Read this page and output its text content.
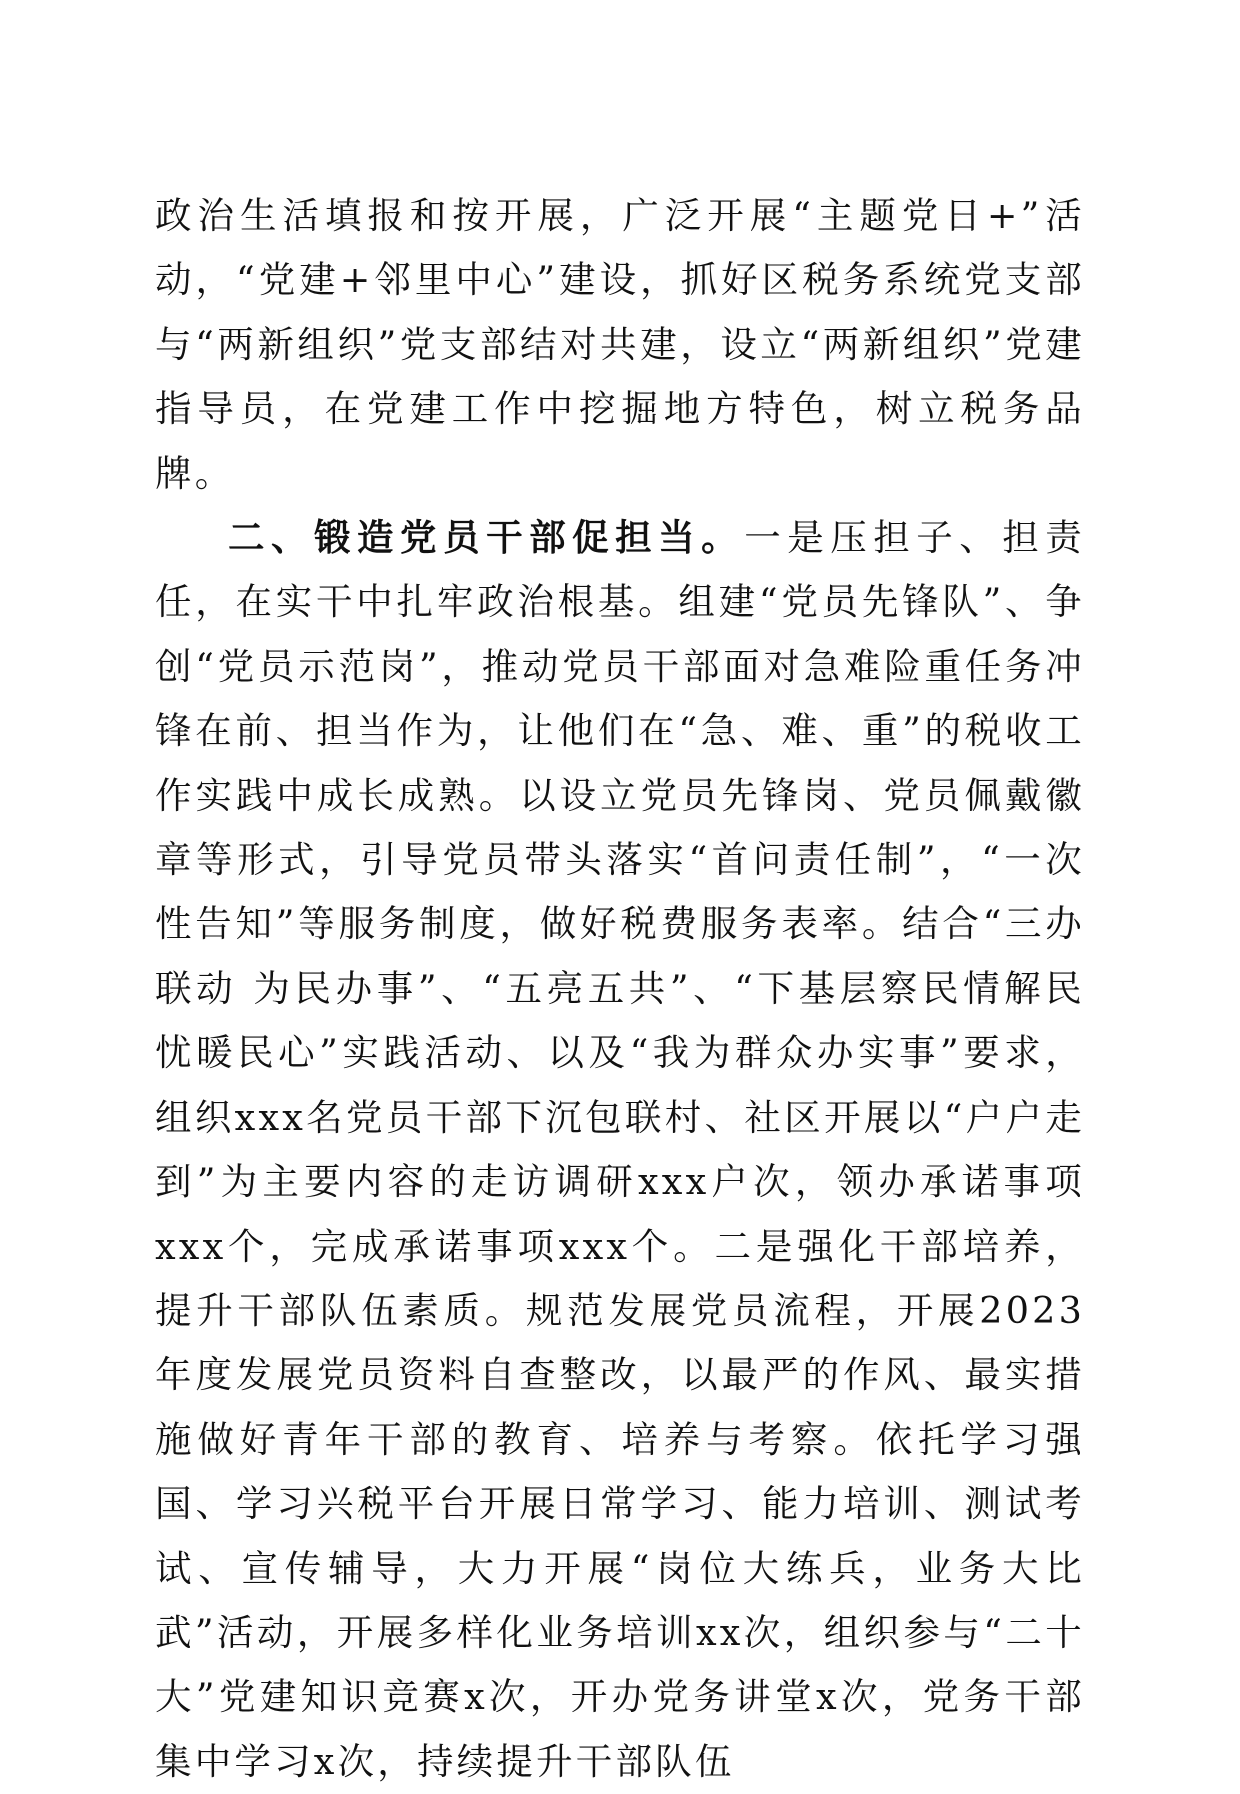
政治生活填报和按开展，广泛开展“主题党日+”活动，“党建+邻里中心”建设，抓好区税务系统党支部与“两新组织”党支部结对共建，设立“两新组织”党建指导员，在党建工作中挖掘地方特色，树立税务品牌。

二、锻造党员干部促担当。一是压担子、担责任，在实干中扎牢政治根基。组建“党员先锋队”、争创“党员示范岗”，推动党员干部面对急难险重任务冲锋在前、担当作为，让他们在“急、难、重”的税收工作实践中成长成熟。以设立党员先锋岗、党员佩戴徽章等形式，引导党员带头落实“首问责任制”，“一次性告知”等服务制度，做好税费服务表率。结合“三办联动 为民办事”、“五亮五共”、“下基层察民情解民忧暖民心”实践活动、以及“我为群众办实事”要求，组织xxx名党员干部下沉包联村、社区开展以“户户走到”为主要内容的走访调研xxx户次，领办承诺事项xxx个，完成承诺事项xxx个。二是强化干部培养，提升干部队伍素质。规范发展党员流程，开展2023年度发展党员资料自查整改，以最严的作风、最实措施做好青年干部的教育、培养与考察。依托学习强国、学习兴税平台开展日常学习、能力培训、测试考试、宣传辅导，大力开展“岗位大练兵，业务大比武”活动，开展多样化业务培训xx次，组织参与“二十大”党建知识竞赛x次，开办党务讲堂x次，党务干部集中学习x次，持续提升干部队伍
